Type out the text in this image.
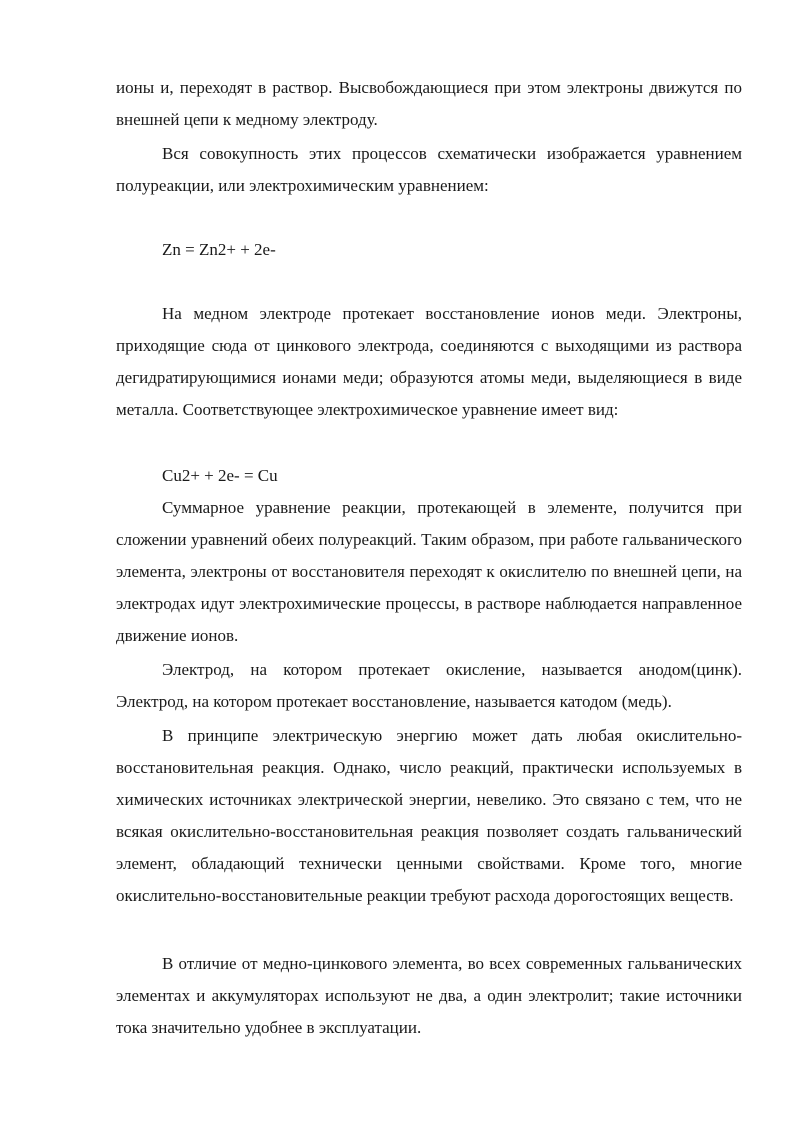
ионы и, переходят в раствор. Высвобождающиеся при этом электроны движутся по внешней цепи к медному электроду.

Вся совокупность этих процессов схематически изображается уравнением полуреакции, или электрохимическим уравнением:

Zn = Zn2+ + 2e-

На медном электроде протекает восстановление ионов меди. Электроны, приходящие сюда от цинкового электрода, соединяются с выходящими из раствора дегидратирующимися ионами меди; образуются атомы меди, выделяющиеся в виде металла. Соответствующее электрохимическое уравнение имеет вид:

Cu2+ + 2e- = Cu

Суммарное уравнение реакции, протекающей в элементе, получится при сложении уравнений обеих полуреакций. Таким образом, при работе гальванического элемента, электроны от восстановителя переходят к окислителю по внешней цепи, на электродах идут электрохимические процессы, в растворе наблюдается направленное движение ионов.

Электрод, на котором протекает окисление, называется анодом(цинк). Электрод, на котором протекает восстановление, называется катодом (медь).

В принципе электрическую энергию может дать любая окислительно-восстановительная реакция. Однако, число реакций, практически используемых в химических источниках электрической энергии, невелико. Это связано с тем, что не всякая окислительно-восстановительная реакция позволяет создать гальванический элемент, обладающий технически ценными свойствами. Кроме того, многие окислительно-восстановительные реакции требуют расхода дорогостоящих веществ.

В отличие от медно-цинкового элемента, во всех современных гальванических элементах и аккумуляторах используют не два, а один электролит; такие источники тока значительно удобнее в эксплуатации.
